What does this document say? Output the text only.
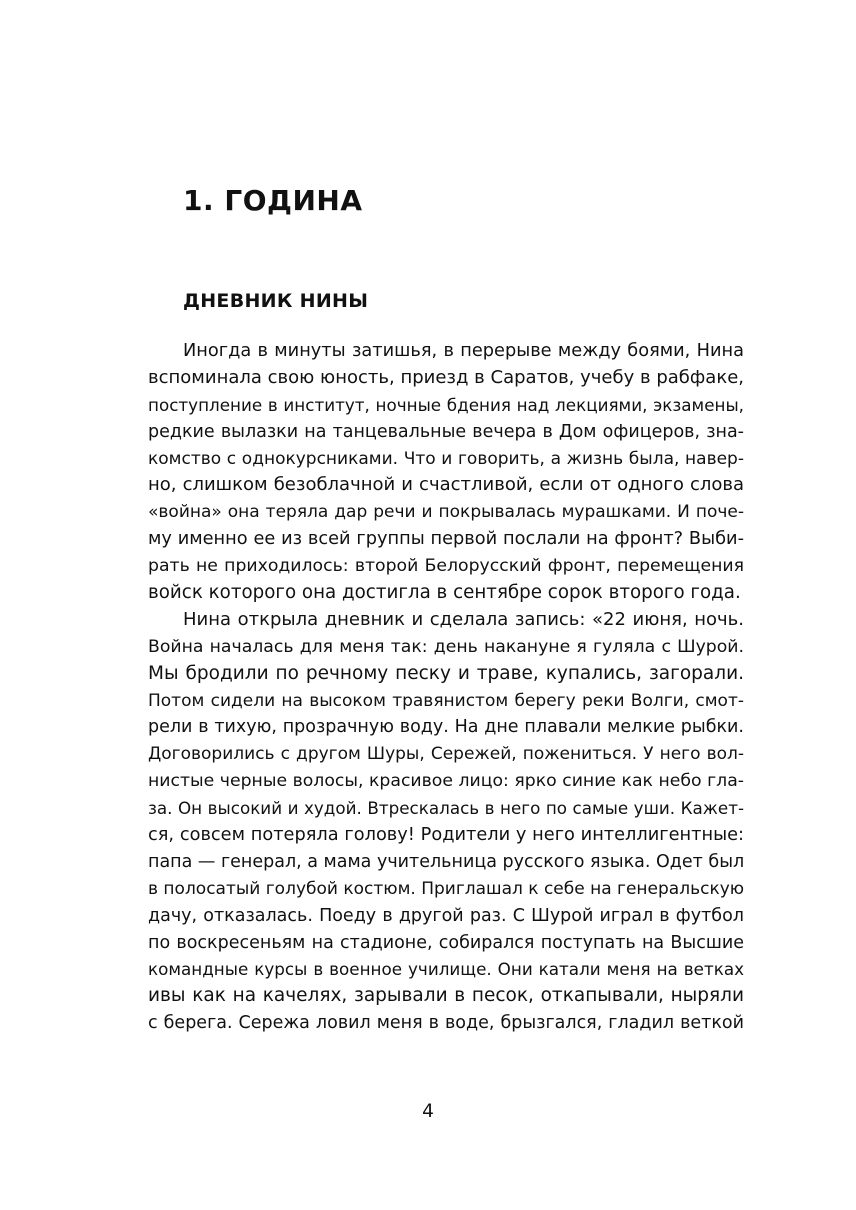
1. ГОДИНА
ДНЕВНИК НИНЫ
Иногда в минуты затишья, в перерыве между боями, Нина
вспоминала свою юность, приезд в Саратов, учебу в рабфаке,
поступление в институт, ночные бдения над лекциями, экзамены,
редкие вылазки на танцевальные вечера в Дом офицеров, зна-
комство с однокурсниками. Что и говорить, а жизнь была, навер-
но, слишком безоблачной и счастливой, если от одного слова
«война» она теряла дар речи и покрывалась мурашками. И поче-
му именно ее из всей группы первой послали на фронт? Выби-
рать не приходилось: второй Белорусский фронт, перемещения
войск которого она достигла в сентябре сорок второго года.
Нина открыла дневник и сделала запись: «22 июня, ночь.
Война началась для меня так: день накануне я гуляла с Шурой.
Мы бродили по речному песку и траве, купались, загорали.
Потом сидели на высоком травянистом берегу реки Волги, смот-
рели в тихую, прозрачную воду. На дне плавали мелкие рыбки.
Договорились с другом Шуры, Сережей, пожениться. У него вол-
нистые черные волосы, красивое лицо: ярко синие как небо гла-
за. Он высокий и худой. Втрескалась в него по самые уши. Кажет-
ся, совсем потеряла голову! Родители у него интеллигентные:
папа — генерал, а мама учительница русского языка. Одет был
в полосатый голубой костюм. Приглашал к себе на генеральскую
дачу, отказалась. Поеду в другой раз. С Шурой играл в футбол
по воскресеньям на стадионе, собирался поступать на Высшие
командные курсы в военное училище. Они катали меня на ветках
ивы как на качелях, зарывали в песок, откапывали, ныряли
с берега. Сережа ловил меня в воде, брызгался, гладил веткой
4
